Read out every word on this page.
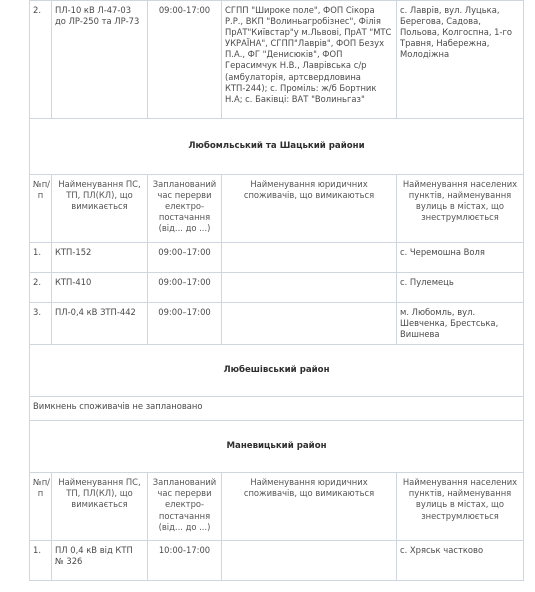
2.	ПЛ-10 кВ Л-47-03 до ЛР-250 та ЛР-73	09:00-17:00	СГПП "Широке поле", ФОП Сікора Р.Р., ВКП "Волиньагробізнес", Філія ПрАТ"Київстар"у м.Львові, ПрАТ "МТС УКРАЇНА", СГПП"Лаврів", ФОП Безух П.А., ФГ "Денисюків", ФОП Герасимчук Н.В., Лаврівська с/р (амбулаторія, артсвердловина КТП-244); с. Проміль: ж/б Бортник Н.А; с. Баківці: ВАТ "Волиньгаз"	с. Лаврів, вул. Луцька, Берегова, Садова, Польова, Колгоспна, 1-го Травня, Набережна, Молодіжна
Любомльський та Шацький райони				
№п/п	Найменування ПС, ТП, ПЛ(КЛ), що вимикається	Запланований час перерви електро-постачання (від... до ...)	Найменування юридичних споживачів, що вимикаються	Найменування населених пунктів, найменування вулиць в містах, що знеструмлюється
1.	КТП-152	09:00–17:00		с. Черемошна Воля
2.	КТП-410	09:00–17:00		с. Пулемець
3.	ПЛ-0,4 кВ ЗТП-442	09:00–17:00		м. Любомль, вул. Шевченка, Брестська, Вишнева
Любешівський район				
Вимкнень споживачів не заплановано				
Маневицький район				
№п/п	Найменування ПС, ТП, ПЛ(КЛ), що вимикається	Запланований час перерви електро-постачання (від... до ...)	Найменування юридичних споживачів, що вимикаються	Найменування населених пунктів, найменування вулиць в містах, що знеструмлюється
1.	ПЛ 0,4 кВ від КТП № 326	10:00-17:00		с. Хряськ частково
